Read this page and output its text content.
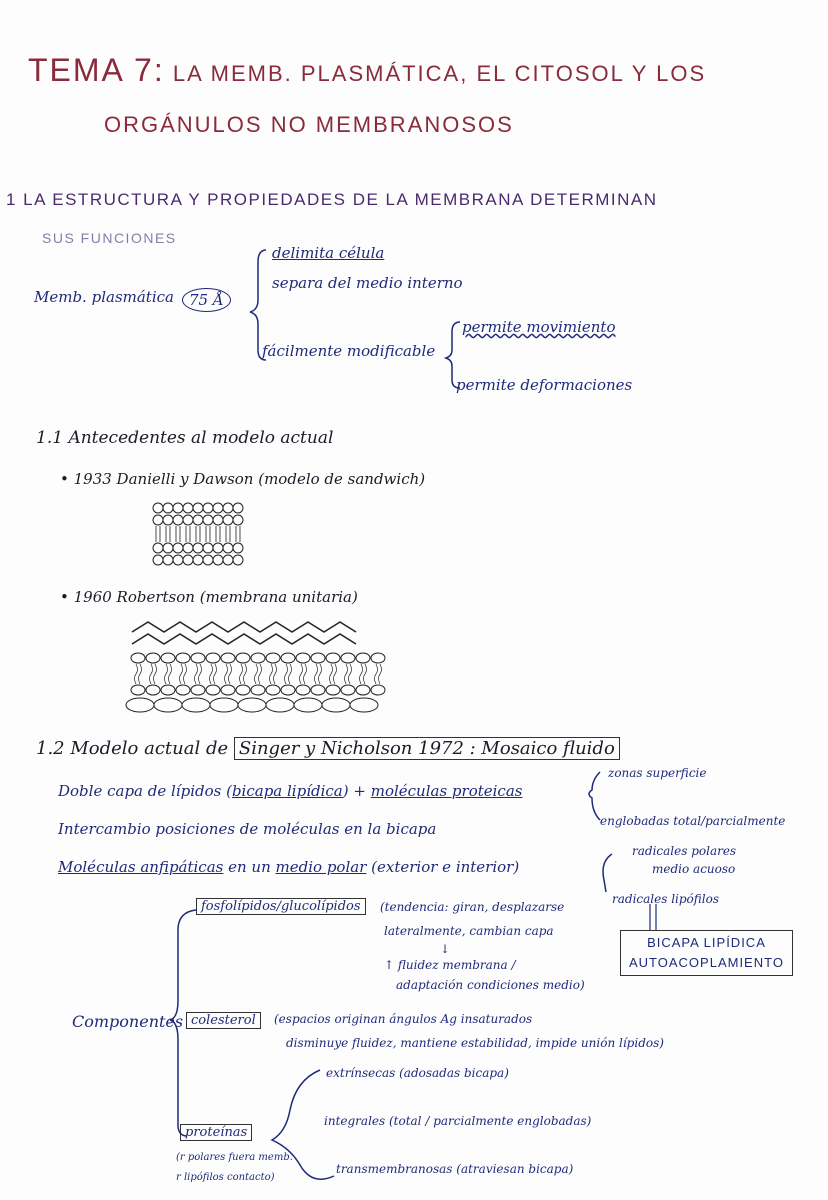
TEMA 7: LA MEMB. PLASMÁTICA, EL CITOSOL Y LOS
ORGÁNULOS NO MEMBRANOSOS
1 LA ESTRUCTURA Y PROPIEDADES DE LA MEMBRANA DETERMINAN
SUS FUNCIONES
Memb. plasmática	75 Å
delimita célula
separa del medio interno
fácilmente modificable
permite movimiento
permite deformaciones
1.1 Antecedentes al modelo actual
• 1933 Danielli y Dawson (modelo de sandwich)
• 1960 Robertson (membrana unitaria)
1.2 Modelo actual de Singer y Nicholson 1972 : Mosaico fluido
Doble capa de lípidos (bicapa lipídica) + moléculas proteicas
zonas superficie
englobadas total/parcialmente
Intercambio posiciones de moléculas en la bicapa
Moléculas anfipáticas en un medio polar (exterior e interior)
radicales polares
medio acuoso
radicales lipófilos
BICAPA LIPÍDICA
AUTOACOPLAMIENTO
fosfolípidos/glucolípidos	(tendencia: giran, desplazarse
lateralmente, cambian capa
↓
↑ fluidez membrana /
adaptación condiciones medio)
Componentes colesterol	(espacios originan ángulos Ag insaturados
disminuye fluidez, mantiene estabilidad, impide unión lípidos)
proteínas
(r polares fuera memb.
r lipófilos contacto)
extrínsecas (adosadas bicapa)
integrales (total / parcialmente englobadas)
transmembranosas (atraviesan bicapa)
